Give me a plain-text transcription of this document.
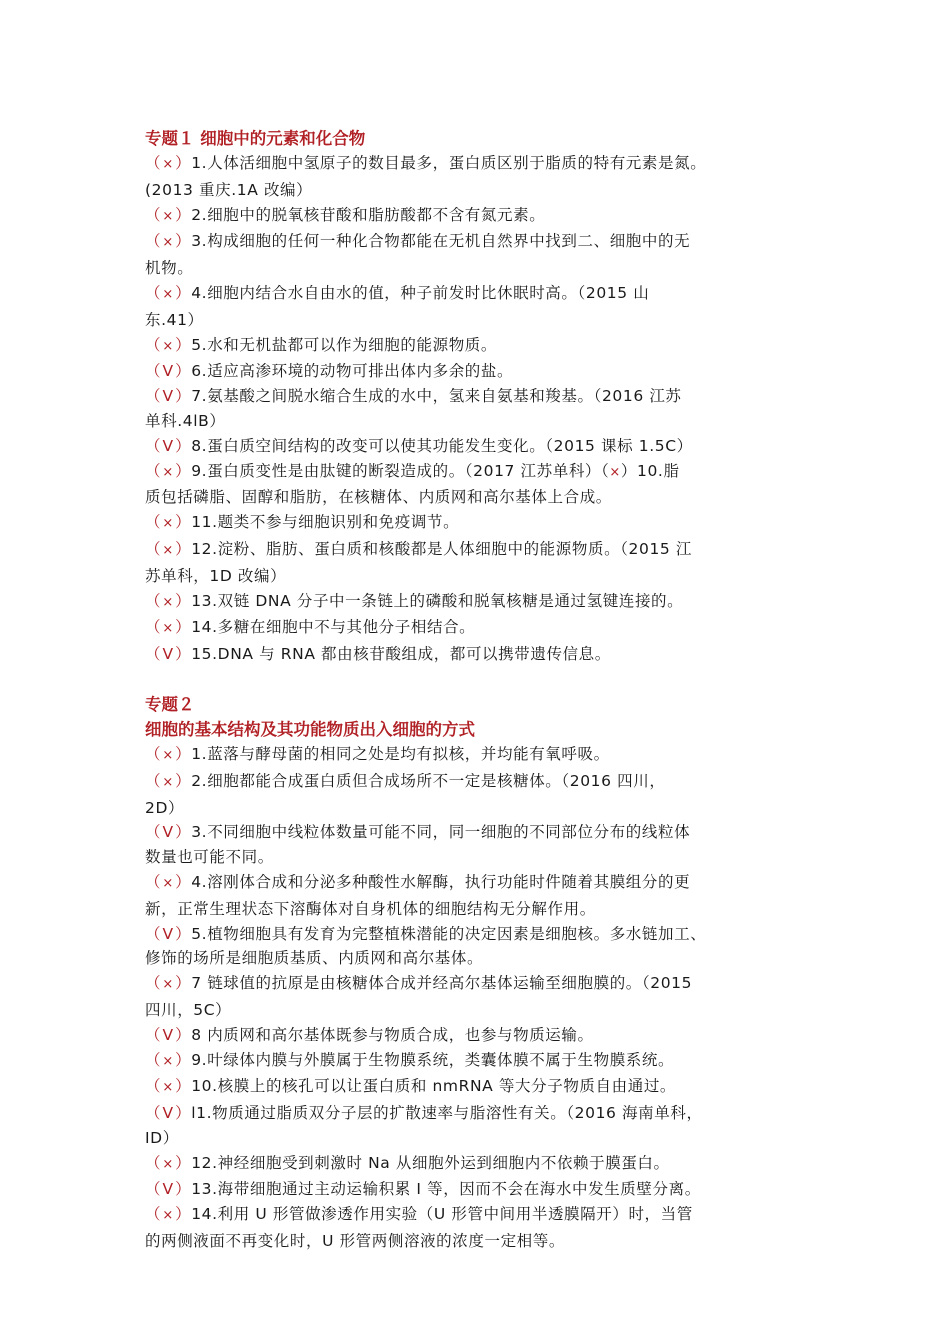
专题１ 细胞中的元素和化合物
（×）1.人体活细胞中氢原子的数目最多，蛋白质区别于脂质的特有元素是氮。
(2013 重庆.1A 改编）
（×）2.细胞中的脱氧核苷酸和脂肪酸都不含有氮元素。
（×）3.构成细胞的任何一种化合物都能在无机自然界中找到二、细胞中的无
机物。
（×）4.细胞内结合水自由水的值，种子前发时比休眠时高。（2015 山
东.41）
（×）5.水和无机盐都可以作为细胞的能源物质。
（V）6.适应高渗环境的动物可排出体内多余的盐。
（V）7.氨基酸之间脱水缩合生成的水中，氢来自氨基和羧基。（2016 江苏
单科.4lB）
（V）8.蛋白质空间结构的改变可以使其功能发生变化。（2015 课标 1.5C）
（×）9.蛋白质变性是由肽键的断裂造成的。（2017 江苏单科）（×）10.脂
质包括磷脂、固醇和脂肪，在核糖体、内质网和高尔基体上合成。
（×）11.题类不参与细胞识别和免疫调节。
（×）12.淀粉、脂肪、蛋白质和核酸都是人体细胞中的能源物质。（2015 江
苏单科，1D 改编）
（×）13.双链 DNA 分子中一条链上的磷酸和脱氧核糖是通过氢键连接的。
（×）14.多糖在细胞中不与其他分子相结合。
（V）15.DNA 与 RNA 都由核苷酸组成，都可以携带遗传信息。
专题２
细胞的基本结构及其功能物质出入细胞的方式
（×）1.蓝落与酵母菌的相同之处是均有拟核，并均能有氧呼吸。
（×）2.细胞都能合成蛋白质但合成场所不一定是核糖体。（2016 四川，
2D）
（V）3.不同细胞中线粒体数量可能不同，同一细胞的不同部位分布的线粒体
数量也可能不同。
（×）4.溶刚体合成和分泌多种酸性水解酶，执行功能时件随着其膜组分的更
新，正常生理状态下溶酶体对自身机体的细胞结构无分解作用。
（V）5.植物细胞具有发育为完整植株潜能的决定因素是细胞核。多水链加工、
修饰的场所是细胞质基质、内质网和高尔基体。
（×）7 链球值的抗原是由核糖体合成并经高尔基体运输至细胞膜的。（2015
四川，5C）
（V）8 内质网和高尔基体既参与物质合成，也参与物质运输。
（×）9.叶绿体内膜与外膜属于生物膜系统，类囊体膜不属于生物膜系统。
（×）10.核膜上的核孔可以让蛋白质和 nmRNA 等大分子物质自由通过。
（V）l1.物质通过脂质双分子层的扩散速率与脂溶性有关。（2016 海南单科，
ID）
（×）12.神经细胞受到刺激时 Na 从细胞外运到细胞内不依赖于膜蛋白。
（V）13.海带细胞通过主动运输积累 I 等，因而不会在海水中发生质壁分离。
（×）14.利用 U 形管做渗透作用实验（U 形管中间用半透膜隔开）时，当管
的两侧液面不再变化时，U 形管两侧溶液的浓度一定相等。
